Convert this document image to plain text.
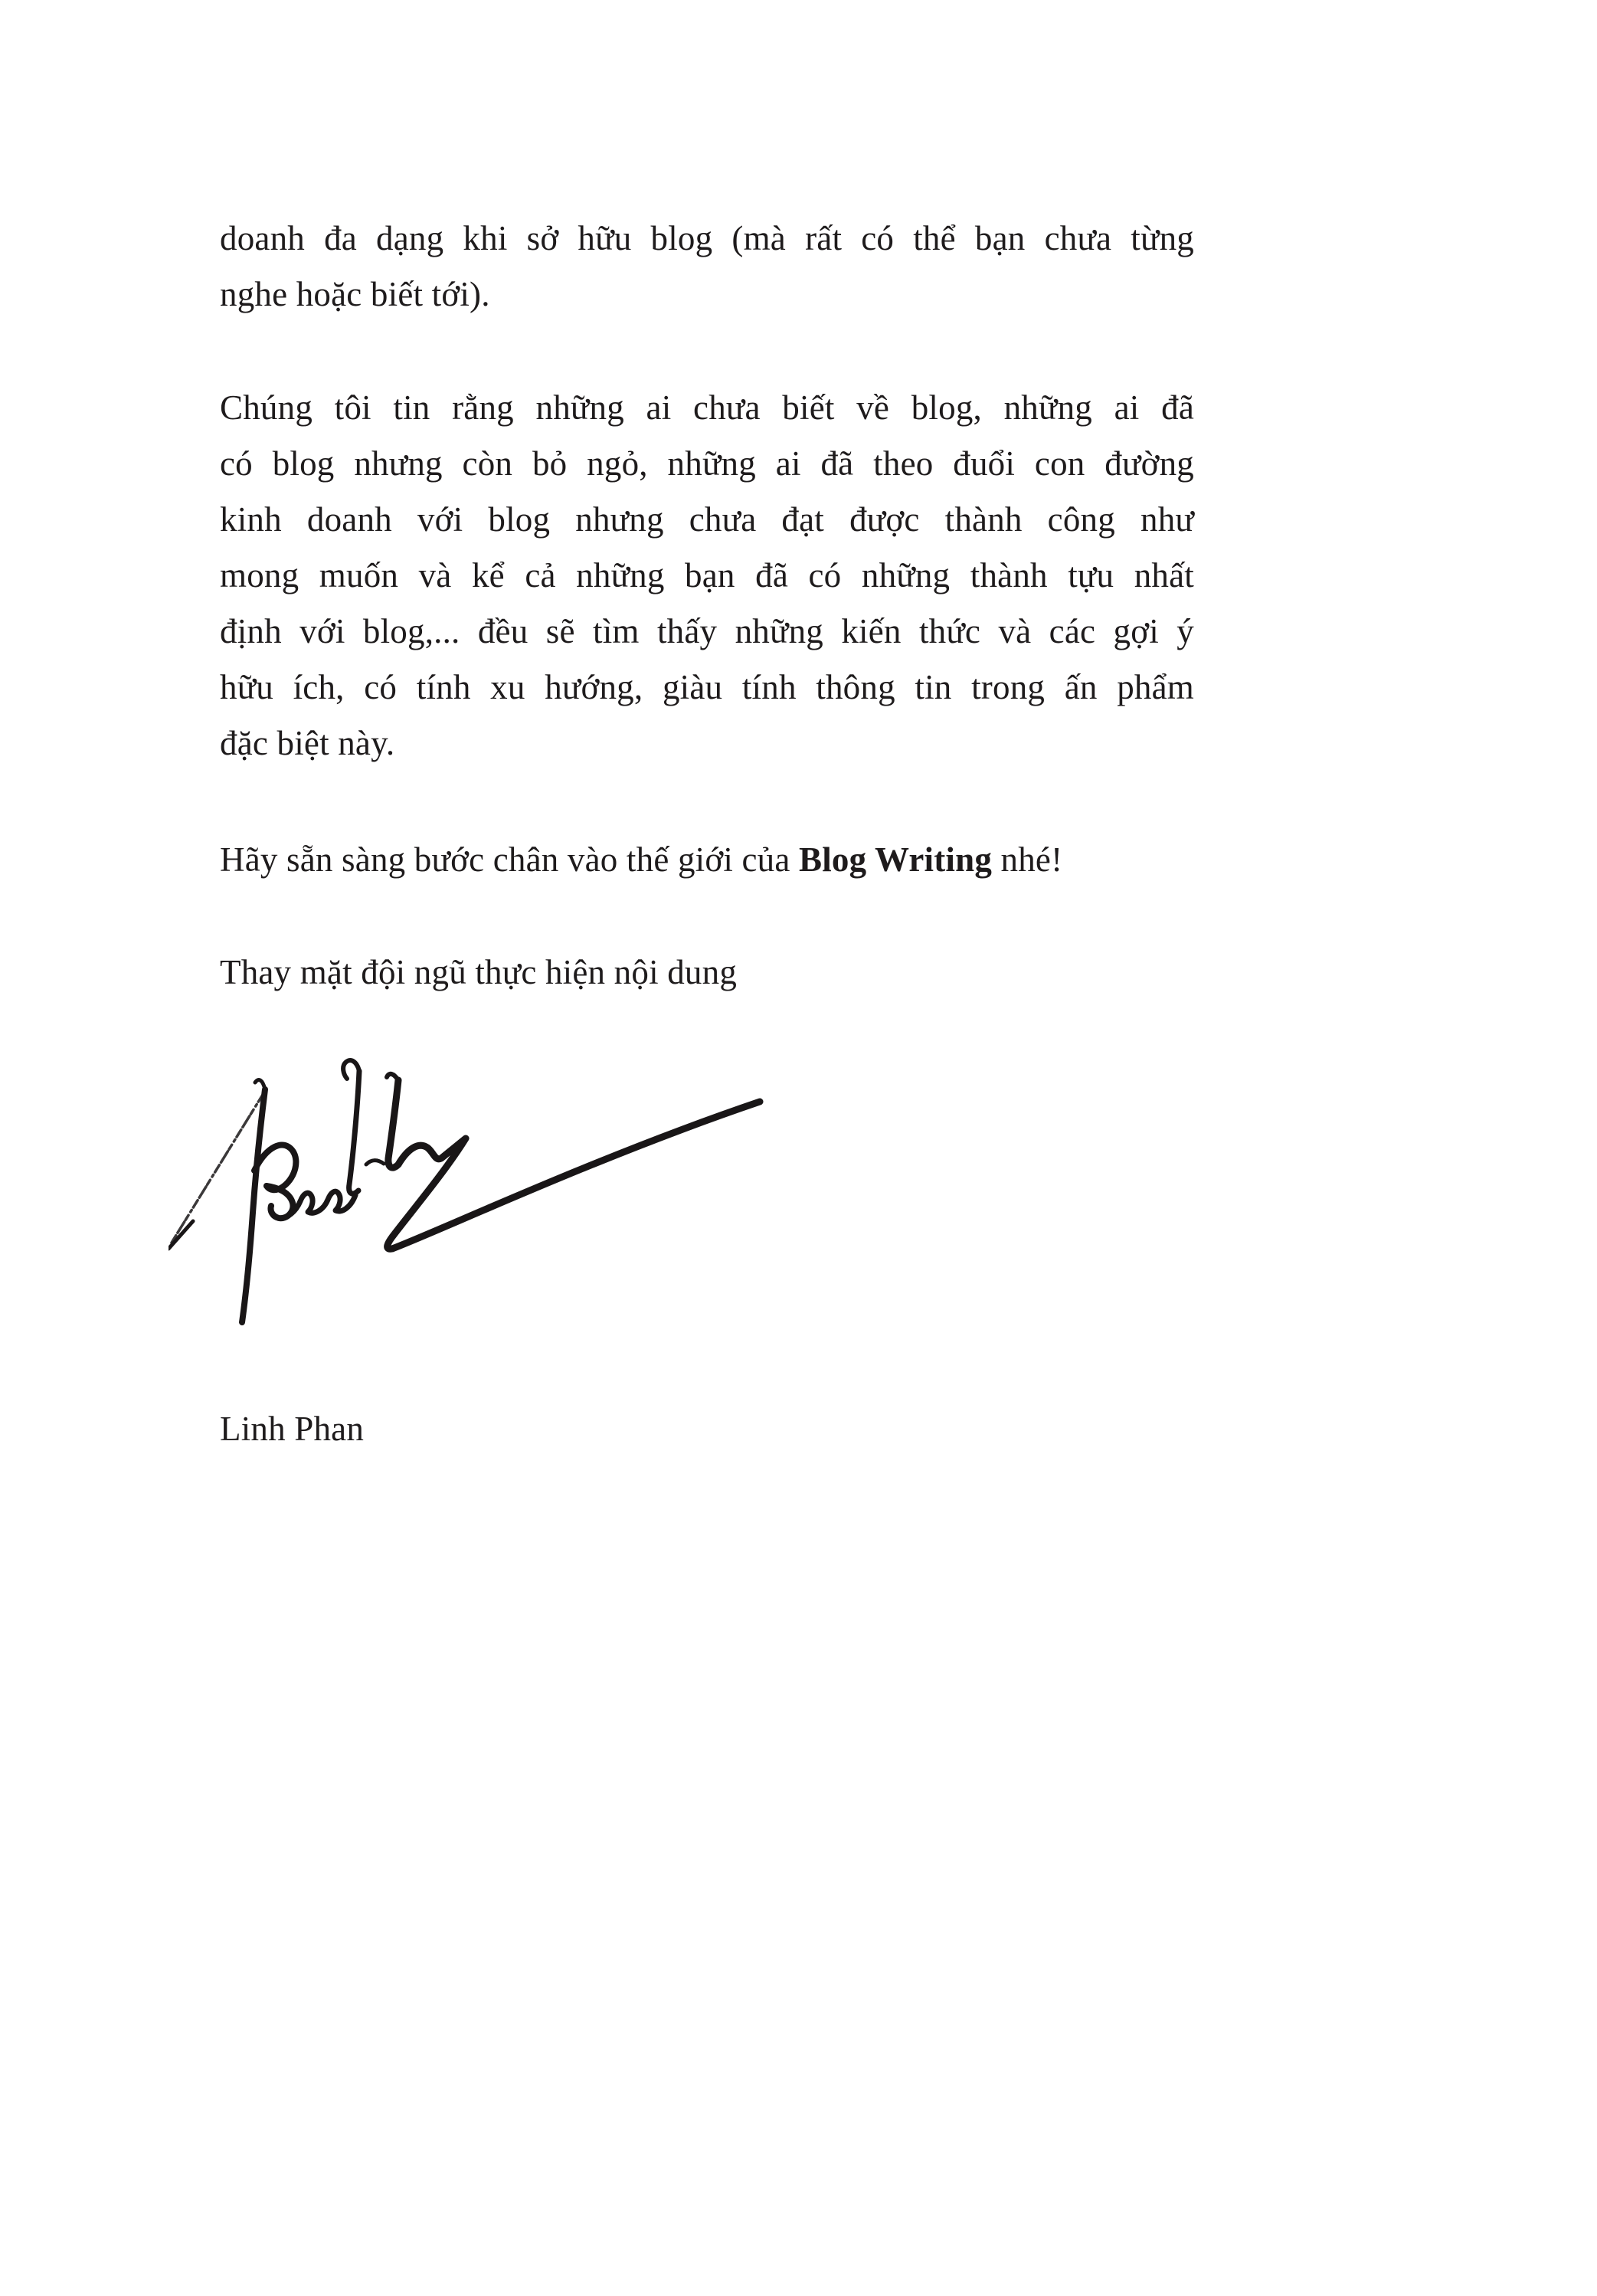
doanh đa dạng khi sở hữu blog (mà rất có thể bạn chưa từng
nghe hoặc biết tới).
Chúng tôi tin rằng những ai chưa biết về blog, những ai đã
có blog nhưng còn bỏ ngỏ, những ai đã theo đuổi con đường
kinh doanh với blog nhưng chưa đạt được thành công như
mong muốn và kể cả những bạn đã có những thành tựu nhất
định với blog,... đều sẽ tìm thấy những kiến thức và các gợi ý
hữu ích, có tính xu hướng, giàu tính thông tin trong ấn phẩm
đặc biệt này.
Hãy sẵn sàng bước chân vào thế giới của Blog Writing nhé!
Thay mặt đội ngũ thực hiện nội dung
Linh Phan
